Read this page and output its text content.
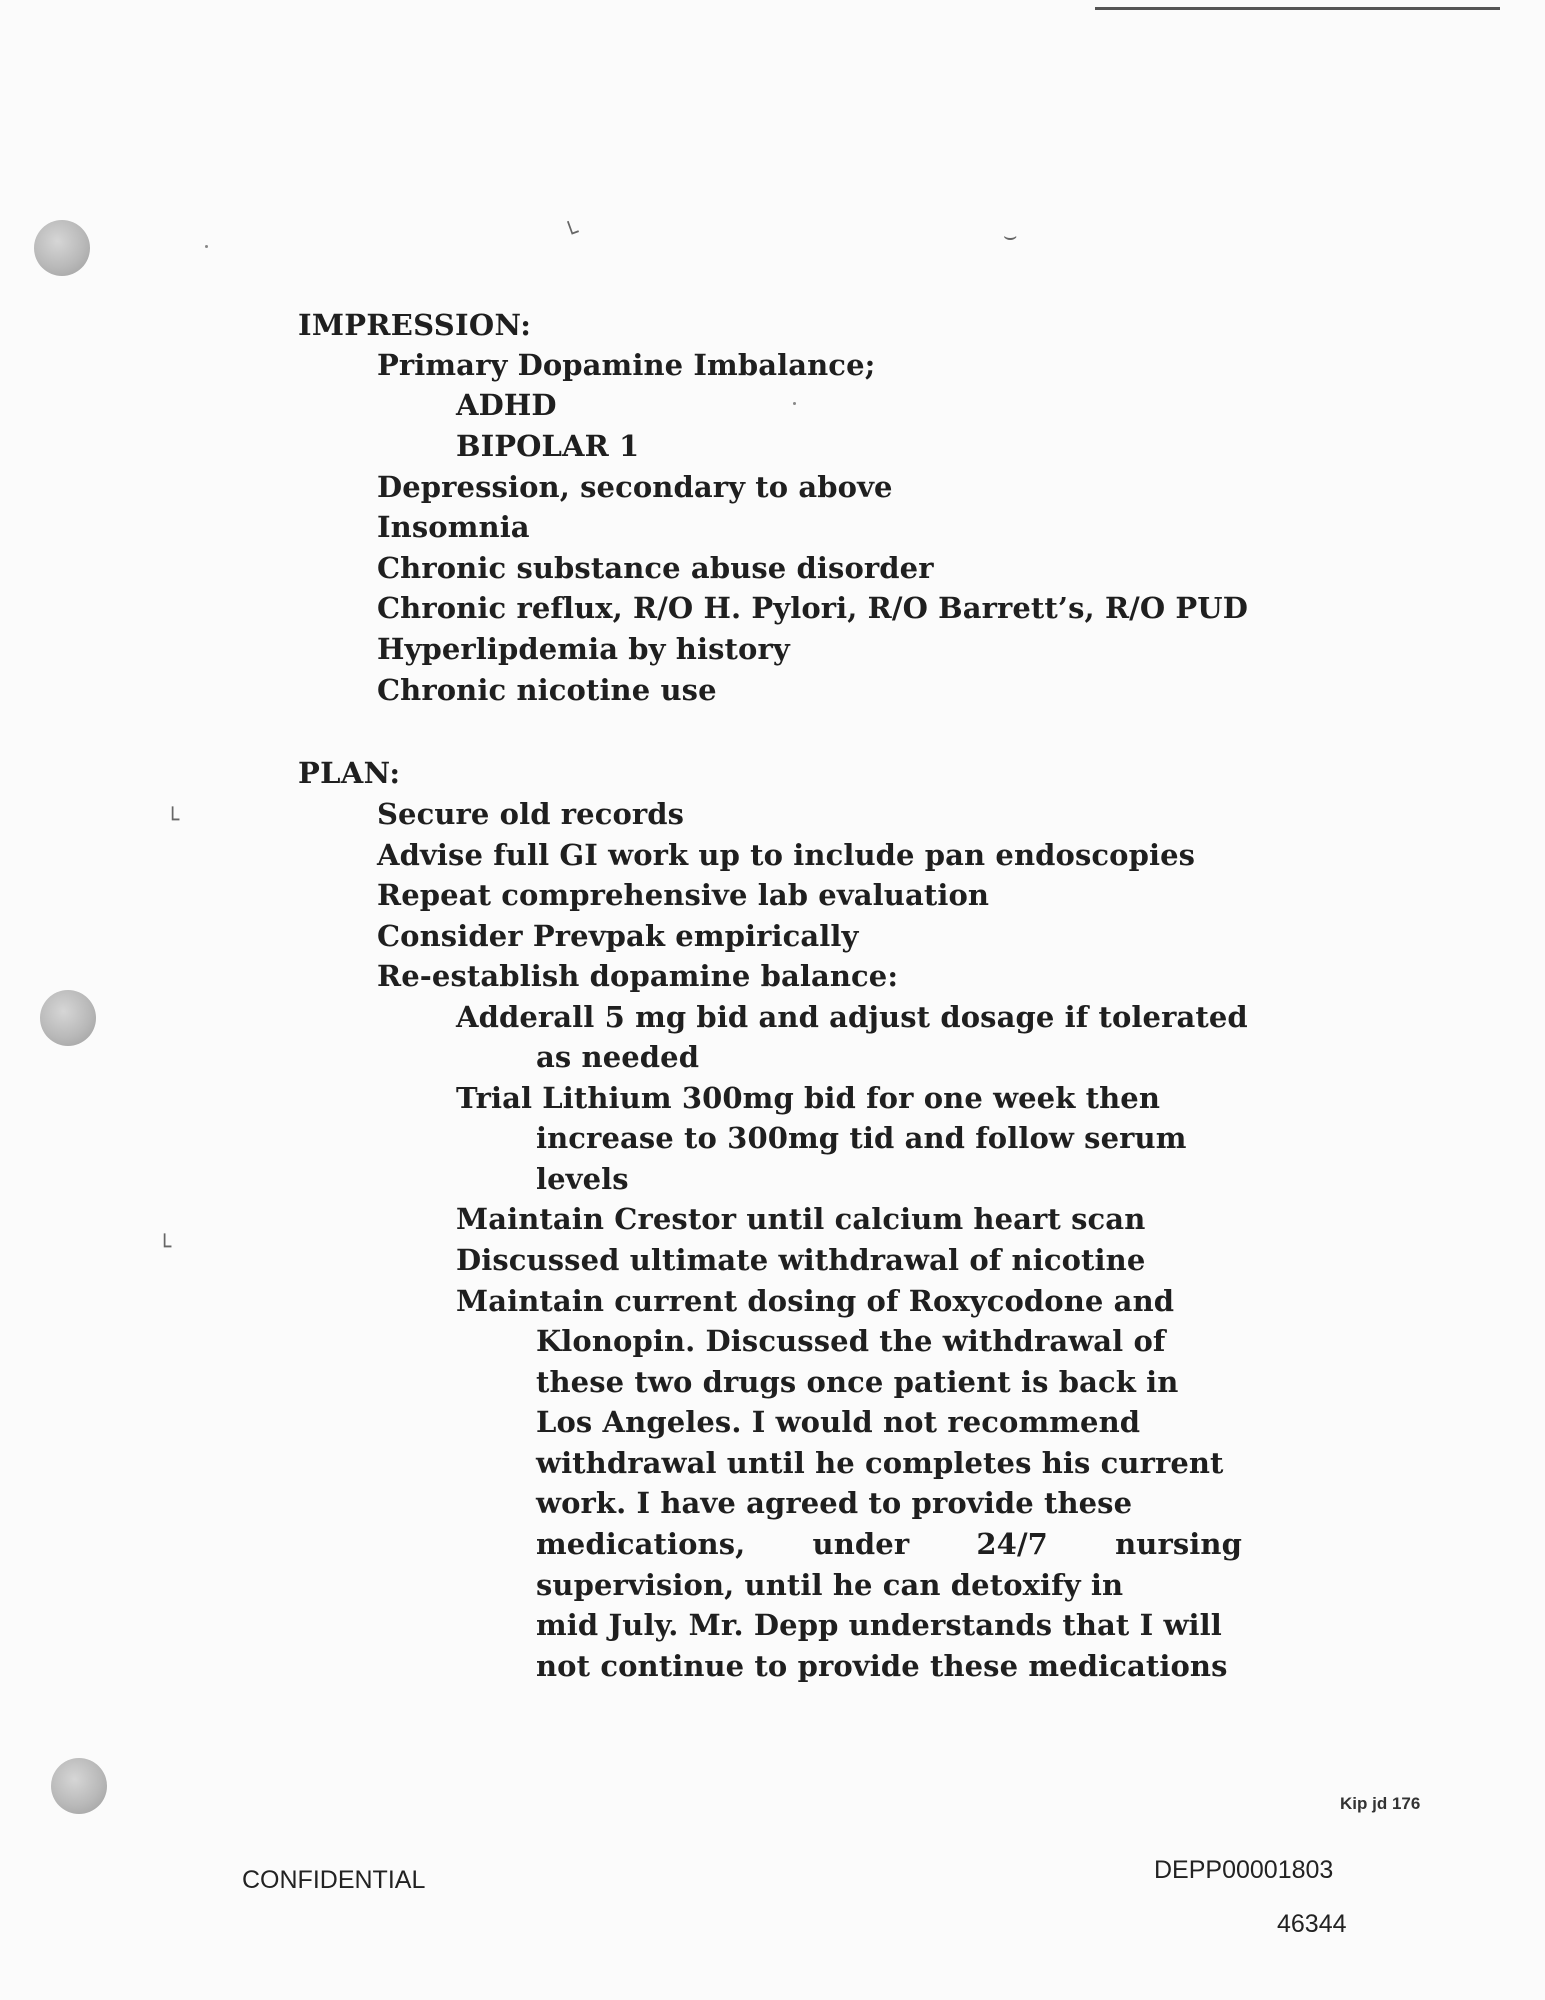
└	⌣
└
└
IMPRESSION:
Primary Dopamine Imbalance;
ADHD
BIPOLAR 1
Depression, secondary to above
Insomnia
Chronic substance abuse disorder
Chronic reflux, R/O H. Pylori, R/O Barrett’s, R/O PUD
Hyperlipdemia by history
Chronic nicotine use
PLAN:
Secure old records
Advise full GI work up to include pan endoscopies
Repeat comprehensive lab evaluation
Consider Prevpak empirically
Re-establish dopamine balance:
Adderall 5 mg bid and adjust dosage if tolerated
as needed
Trial Lithium 300mg bid for one week then
increase to 300mg tid and follow serum
levels
Maintain Crestor until calcium heart scan
Discussed ultimate withdrawal of nicotine
Maintain current dosing of Roxycodone and
Klonopin. Discussed the withdrawal of
these two drugs once patient is back in
Los Angeles. I would not recommend
withdrawal until he completes his current
work. I have agreed to provide these
medications, under 24/7 nursing
supervision, until he can detoxify in
mid July. Mr. Depp understands that I will
not continue to provide these medications
Kip jd 176
CONFIDENTIAL	DEPP00001803
46344
